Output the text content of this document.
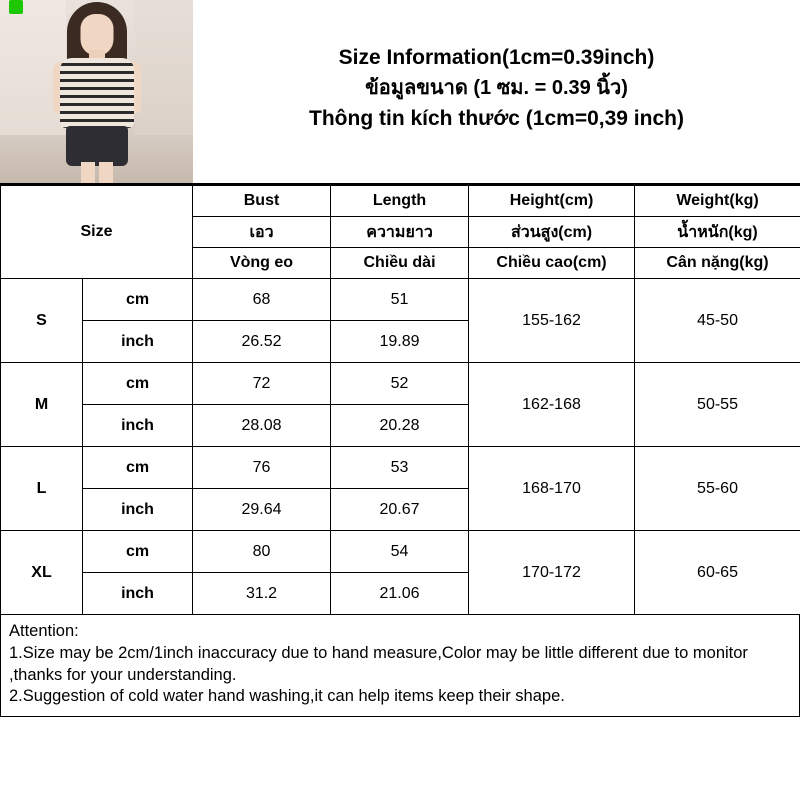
Size Information(1cm=0.39inch)
ข้อมูลขนาด (1 ซม. = 0.39 นิ้ว)
Thông tin kích thước (1cm=0,39 inch)
Size		Bust	Length	Height(cm)	Weight(kg)
		เอว	ความยาว	ส่วนสูง(cm)	น้ำหนัก(kg)
		Vòng eo	Chiều dài	Chiều cao(cm)	Cân nặng(kg)
S	cm	68	51	155-162	45-50
	inch	26.52	19.89		
M	cm	72	52	162-168	50-55
	inch	28.08	20.28		
L	cm	76	53	168-170	55-60
	inch	29.64	20.67		
XL	cm	80	54	170-172	60-65
	inch	31.2	21.06		

Attention:

1.Size may be 2cm/1inch inaccuracy due to hand measure,Color may be little different due to monitor ,thanks for your understanding.

2.Suggestion of cold water hand washing,it can help items keep their shape.
